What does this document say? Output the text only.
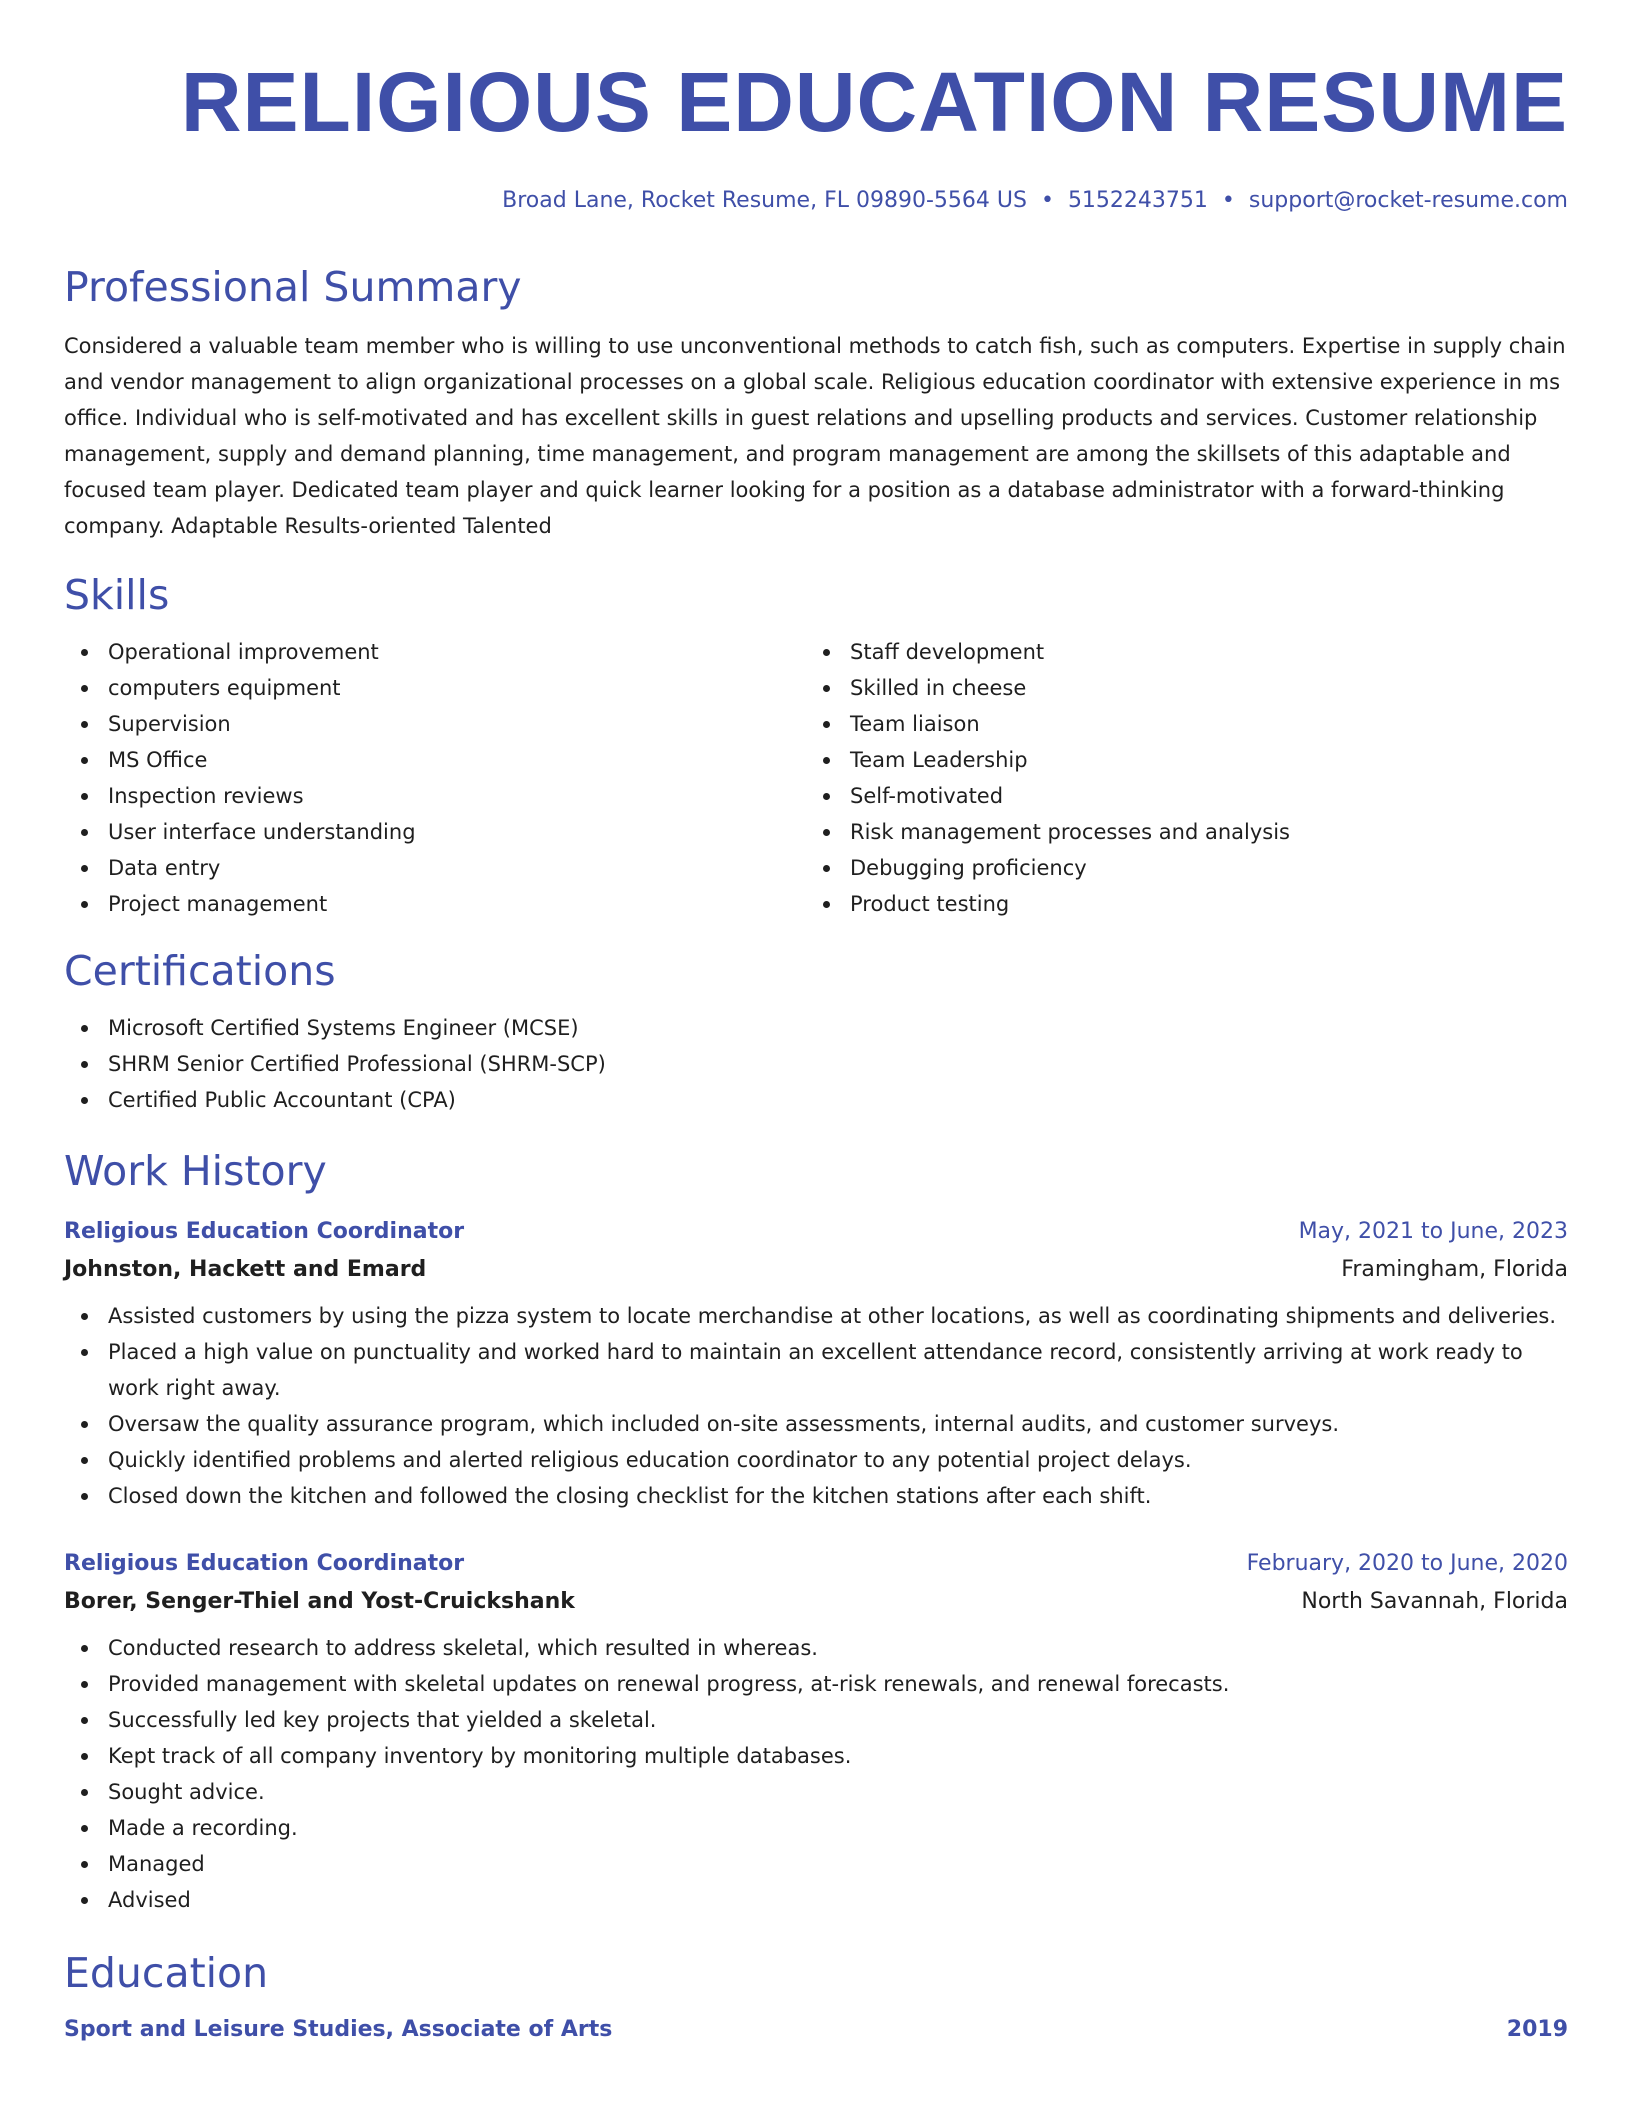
RELIGIOUS EDUCATION RESUME
Broad Lane, Rocket Resume, FL 09890-5564 US • 5152243751 • support@rocket-resume.com
Professional Summary

Considered a valuable team member who is willing to use unconventional methods to catch fish, such as computers. Expertise in supply chain and vendor management to align organizational processes on a global scale. Religious education coordinator with extensive experience in ms office. Individual who is self-motivated and has excellent skills in guest relations and upselling products and services. Customer relationship management, supply and demand planning, time management, and program management are among the skillsets of this adaptable and focused team player. Dedicated team player and quick learner looking for a position as a database administrator with a forward-thinking company. Adaptable Results-oriented Talented

Skills
Operational improvement
computers equipment
Supervision
MS Office
Inspection reviews
User interface understanding
Data entry
Project management
Staff development
Skilled in cheese
Team liaison
Team Leadership
Self-motivated
Risk management processes and analysis
Debugging proficiency
Product testing
Certifications
Microsoft Certified Systems Engineer (MCSE)
SHRM Senior Certified Professional (SHRM-SCP)
Certified Public Accountant (CPA)
Work History
Religious Education Coordinator	May, 2021 to June, 2023
Johnston, Hackett and Emard	Framingham, Florida
Assisted customers by using the pizza system to locate merchandise at other locations, as well as coordinating shipments and deliveries.
Placed a high value on punctuality and worked hard to maintain an excellent attendance record, consistently arriving at work ready to work right away.
Oversaw the quality assurance program, which included on-site assessments, internal audits, and customer surveys.
Quickly identified problems and alerted religious education coordinator to any potential project delays.
Closed down the kitchen and followed the closing checklist for the kitchen stations after each shift.
Religious Education Coordinator	February, 2020 to June, 2020
Borer, Senger-Thiel and Yost-Cruickshank	North Savannah, Florida
Conducted research to address skeletal, which resulted in whereas.
Provided management with skeletal updates on renewal progress, at-risk renewals, and renewal forecasts.
Successfully led key projects that yielded a skeletal.
Kept track of all company inventory by monitoring multiple databases.
Sought advice.
Made a recording.
Managed
Advised
Education
Sport and Leisure Studies, Associate of Arts	2019
